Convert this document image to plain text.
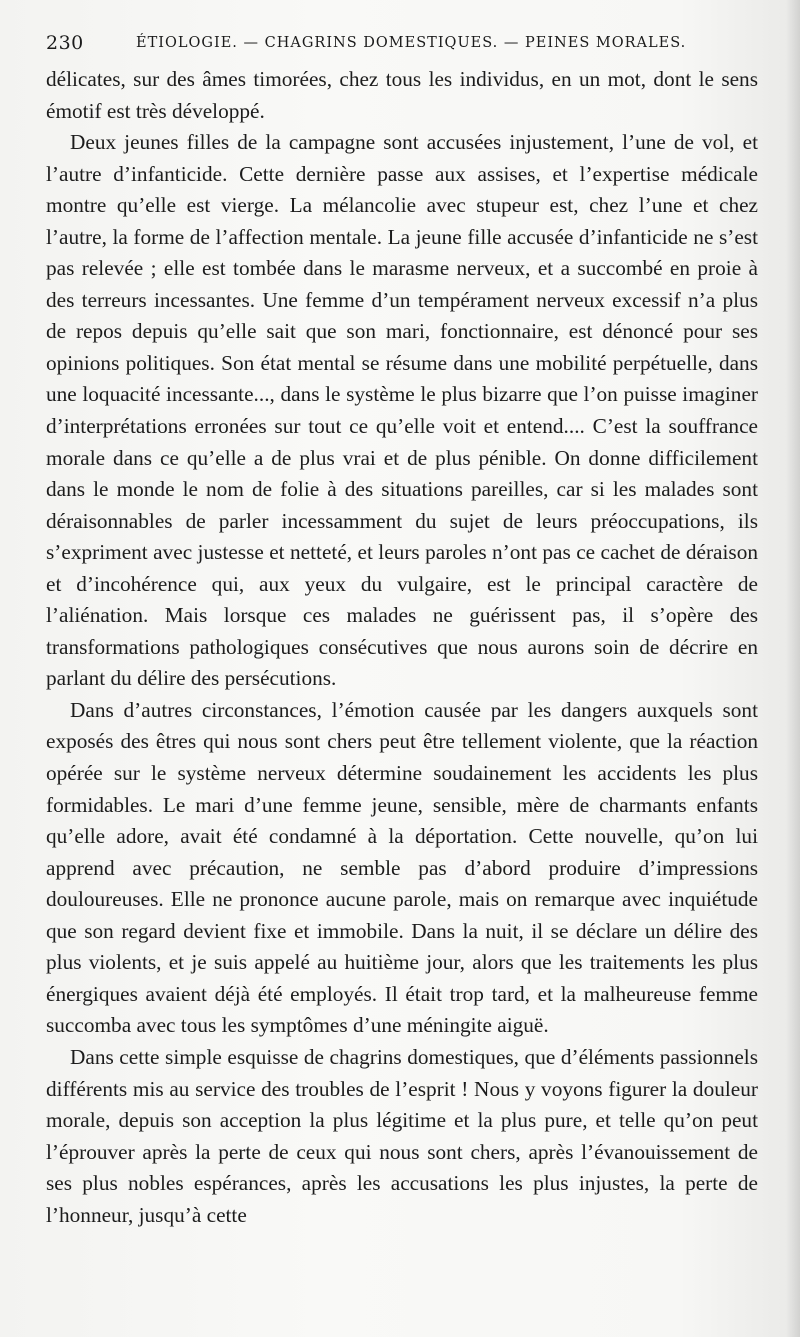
230	ÉTIOLOGIE. — CHAGRINS DOMESTIQUES. — PEINES MORALES.

délicates, sur des âmes timorées, chez tous les individus, en un mot, dont le sens émotif est très développé.

Deux jeunes filles de la campagne sont accusées injustement, l’une de vol, et l’autre d’infanticide. Cette dernière passe aux assises, et l’expertise médicale montre qu’elle est vierge. La mélancolie avec stupeur est, chez l’une et chez l’autre, la forme de l’affection mentale. La jeune fille accusée d’infanticide ne s’est pas relevée ; elle est tombée dans le marasme nerveux, et a succombé en proie à des terreurs incessantes. Une femme d’un tempérament nerveux excessif n’a plus de repos depuis qu’elle sait que son mari, fonctionnaire, est dénoncé pour ses opinions politiques. Son état mental se résume dans une mobilité perpétuelle, dans une loquacité incessante..., dans le système le plus bizarre que l’on puisse imaginer d’interprétations erronées sur tout ce qu’elle voit et entend.... C’est la souffrance morale dans ce qu’elle a de plus vrai et de plus pénible. On donne difficilement dans le monde le nom de folie à des situations pareilles, car si les malades sont déraisonnables de parler incessamment du sujet de leurs préoccupations, ils s’expriment avec justesse et netteté, et leurs paroles n’ont pas ce cachet de déraison et d’incohérence qui, aux yeux du vulgaire, est le principal caractère de l’aliénation. Mais lorsque ces malades ne guérissent pas, il s’opère des transformations pathologiques consécutives que nous aurons soin de décrire en parlant du délire des persécutions.

Dans d’autres circonstances, l’émotion causée par les dangers auxquels sont exposés des êtres qui nous sont chers peut être tellement violente, que la réaction opérée sur le système nerveux détermine soudainement les accidents les plus formidables. Le mari d’une femme jeune, sensible, mère de charmants enfants qu’elle adore, avait été condamné à la déportation. Cette nouvelle, qu’on lui apprend avec précaution, ne semble pas d’abord produire d’impressions douloureuses. Elle ne prononce aucune parole, mais on remarque avec inquiétude que son regard devient fixe et immobile. Dans la nuit, il se déclare un délire des plus violents, et je suis appelé au huitième jour, alors que les traitements les plus énergiques avaient déjà été employés. Il était trop tard, et la malheureuse femme succomba avec tous les symptômes d’une méningite aiguë.

Dans cette simple esquisse de chagrins domestiques, que d’éléments passionnels différents mis au service des troubles de l’esprit ! Nous y voyons figurer la douleur morale, depuis son acception la plus légitime et la plus pure, et telle qu’on peut l’éprouver après la perte de ceux qui nous sont chers, après l’évanouissement de ses plus nobles espérances, après les accusations les plus injustes, la perte de l’honneur, jusqu’à cette
